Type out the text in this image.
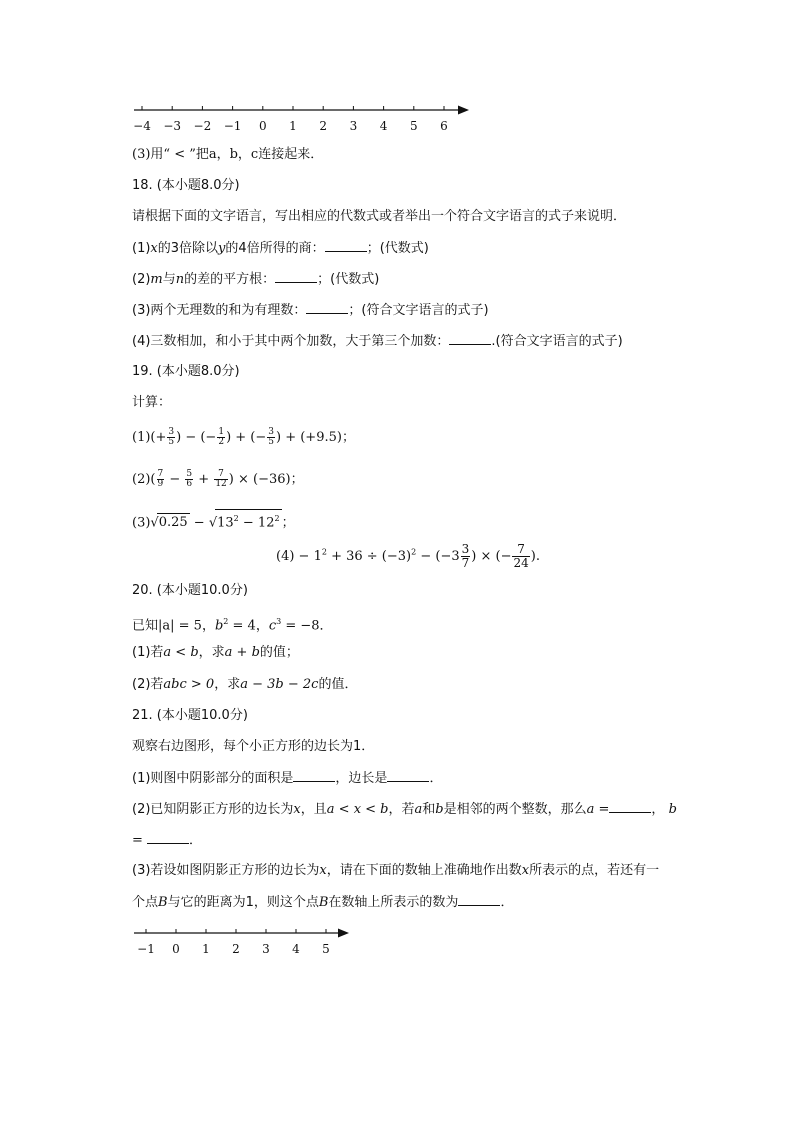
−4 −3 −2 −1 0 1 2 3 4 5 6
(3)用“ < ”把a，b，c连接起来．
18. (本小题8.0分)
请根据下面的文字语言，写出相应的代数式或者举出一个符合文字语言的式子来说明．
(1)x的3倍除以y的4倍所得的商：	；(代数式)
(2)m与n的差的平方根：	；(代数式)
(3)两个无理数的和为有理数：	；(符合文字语言的式子)
(4)三数相加，和小于其中两个加数，大于第三个加数：	.(符合文字语言的式子)
19. (本小题8.0分)
计算：
$(1)(+ \frac{3}{5}$ ) − (− $\frac{1}{2}$ ) + (− $\frac{3}{5}$ ) + (+9.5)；
$(2)( \frac{7}{9} - \frac{5}{6} + \frac{7}{12}$ ) × (−36)；
$(3)√0.25 - √13^2 - 12^2$ ；
$(4) - 1^2 + 36 \div (-3)^2 - (-3 \frac{3}{7}$ ) × (− $\frac{7}{24}$ ).
20. (本小题10.0分)
已知|a| = 5，$b^2 = 4$，$c^3 = -8$．
(1)若a < b，求a + b的值；
(2)若abc > 0，求a − 3b − 2c的值．
21. (本小题10.0分)
观察右边图形，每个小正方形的边长为1．
(1)则图中阴影部分的面积是	，边长是	．
(2)已知阴影正方形的边长为x，且a < x < b，若a和b是相邻的两个整数，那么a =	， b
=	．
(3)若设如图阴影正方形的边长为x，请在下面的数轴上准确地作出数x所表示的点，若还有一
个点B与它的距离为1，则这个点B在数轴上所表示的数为	．
−1 0 1 2 3 4 5
